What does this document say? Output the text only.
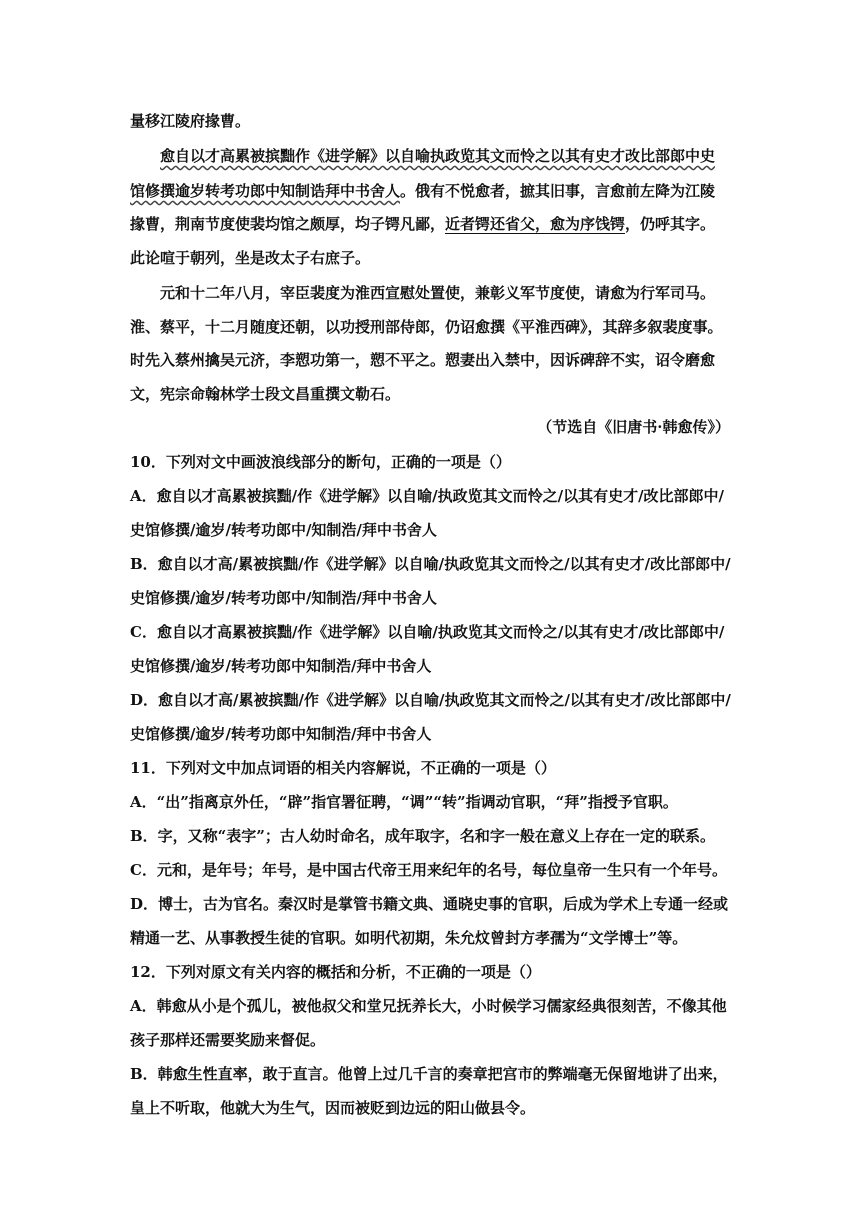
量移江陵府掾曹。
愈自以才高累被摈黜作《进学解》以自喻执政览其文而怜之以其有史才改比部郎中史
馆修撰逾岁转考功郎中知制诰拜中书舍人。俄有不悦愈者，摭其旧事，言愈前左降为江陵
掾曹，荆南节度使裴均馆之颇厚，均子锷凡鄙，近者锷还省父，愈为序饯锷，仍呼其字。
此论喧于朝列，坐是改太子右庶子。
元和十二年八月，宰臣裴度为淮西宣慰处置使，兼彰义军节度使，请愈为行军司马。
淮、蔡平，十二月随度还朝，以功授刑部侍郎，仍诏愈撰《平淮西碑》，其辞多叙裴度事。
时先入蔡州擒吴元济，李愬功第一，愬不平之。愬妻出入禁中，因诉碑辞不实，诏令磨愈
文，宪宗命翰林学士段文昌重撰文勒石。
（节选自《旧唐书·韩愈传》）
10．下列对文中画波浪线部分的断句，正确的一项是（）
A．愈自以才高累被摈黜/作《进学解》以自喻/执政览其文而怜之/以其有史才/改比部郎中/
史馆修撰/逾岁/转考功郎中/知制浩/拜中书舍人
B．愈自以才高/累被摈黜/作《进学解》以自喻/执政览其文而怜之/以其有史才/改比部郎中/
史馆修撰/逾岁/转考功郎中/知制浩/拜中书舍人
C．愈自以才高累被摈黜/作《进学解》以自喻/执政览其文而怜之/以其有史才/改比部郎中/
史馆修撰/逾岁/转考功郎中知制浩/拜中书舍人
D．愈自以才高/累被摈黜/作《进学解》以自喻/执政览其文而怜之/以其有史才/改比部郎中/
史馆修撰/逾岁/转考功郎中知制浩/拜中书舍人
11．下列对文中加点词语的相关内容解说，不正确的一项是（）
A．“出”指离京外任，“辟”指官署征聘，“调”“转”指调动官职，“拜”指授予官职。
B．字，又称“表字”；古人幼时命名，成年取字，名和字一般在意义上存在一定的联系。
C．元和，是年号；年号，是中国古代帝王用来纪年的名号，每位皇帝一生只有一个年号。
D．博士，古为官名。秦汉时是掌管书籍文典、通晓史事的官职，后成为学术上专通一经或
精通一艺、从事教授生徒的官职。如明代初期，朱允炆曾封方孝孺为“文学博士”等。
12．下列对原文有关内容的概括和分析，不正确的一项是（）
A．韩愈从小是个孤儿，被他叔父和堂兄抚养长大，小时候学习儒家经典很刻苦，不像其他
孩子那样还需要奖励来督促。
B．韩愈生性直率，敢于直言。他曾上过几千言的奏章把宫市的弊端毫无保留地讲了出来，
皇上不听取，他就大为生气，因而被贬到边远的阳山做县令。
